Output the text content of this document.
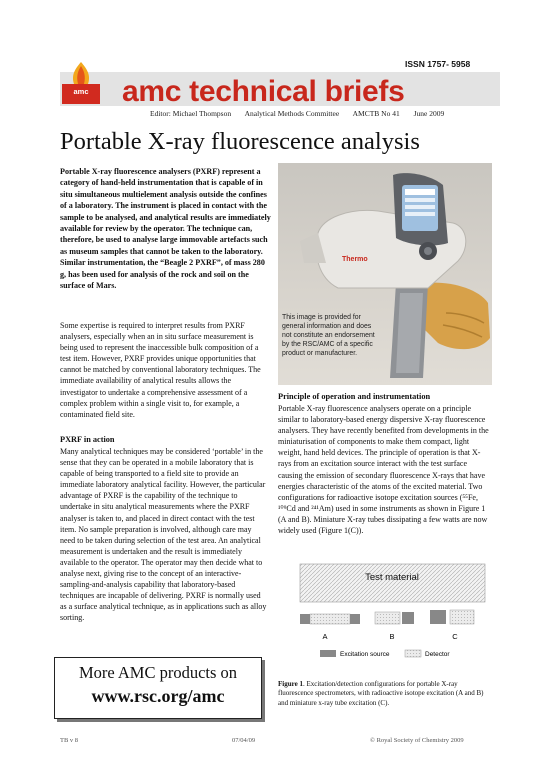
ISSN 1757- 5958
amc	amc technical briefs
Editor: Michael Thompson Analytical Methods Committee AMCTB No 41 June 2009
Portable X-ray fluorescence analysis

Portable X-ray fluorescence analysers (PXRF) represent a category of hand-held instrumentation that is capable of in situ simultaneous multielement analysis outside the confines of a laboratory. The instrument is placed in contact with the sample to be analysed, and analytical results are immediately available for review by the operator. The technique can, therefore, be used to analyse large immovable artefacts such as museum samples that cannot be taken to the laboratory. Similar instrumentation, the “Beagle 2 PXRF”, of mass 280 g, has been used for analysis of the rock and soil on the surface of Mars.

Some expertise is required to interpret results from PXRF analysers, especially when an in situ surface measurement is being used to represent the inaccessible bulk composition of a test item. However, PXRF provides unique opportunities that cannot be matched by conventional laboratory techniques. The immediate availability of analytical results allows the investigator to undertake a comprehensive assessment of a complex problem within a single visit to, for example, a contaminated field site.

PXRF in action

Many analytical techniques may be considered ‘portable’ in the sense that they can be operated in a mobile laboratory that is capable of being transported to a field site to provide an immediate laboratory analytical facility. However, the particular advantage of PXRF is the capability of the technique to undertake in situ analytical measurements where the PXRF analyser is taken to, and placed in direct contact with the test item. No sample preparation is involved, although care may need to be taken during selection of the test area. An analytical measurement is undertaken and the result is immediately available to the operator. The operator may then decide what to analyse next, giving rise to the concept of an interactive-sampling-and-analysis capability that laboratory-based techniques are incapable of delivering. PXRF is normally used as a surface analytical technique, as in applications such as alloy sorting.

Thermo
This image is provided for general information and does not constitute an endorsement by the RSC/AMC of a specific product or manufacturer.
Principle of operation and instrumentation

Portable X-ray fluorescence analysers operate on a principle similar to laboratory-based energy dispersive X-ray fluorescence analysers. They have recently benefited from developments in the miniaturisation of components to make them compact, light weight, hand held devices. The principle of operation is that X-rays from an excitation source interact with the test surface causing the emission of secondary fluorescence X-rays that have energies characteristic of the atoms of the excited material. Two configurations for radioactive isotope excitation sources (⁵⁵Fe, ¹⁰⁹Cd and ²⁴¹Am) used in some instruments as shown in Figure 1 (A and B). Miniature X-ray tubes dissipating a few watts are now widely used (Figure 1(C)).

Test material
A	B	C
Excitation source	Detector

Figure 1. Excitation/detection configurations for portable X-ray fluorescence spectrometers, with radioactive isotope excitation (A and B) and miniature x-ray tube excitation (C).

More AMC products on
www.rsc.org/amc
TB v 8	07/04/09	© Royal Society of Chemistry 2009
